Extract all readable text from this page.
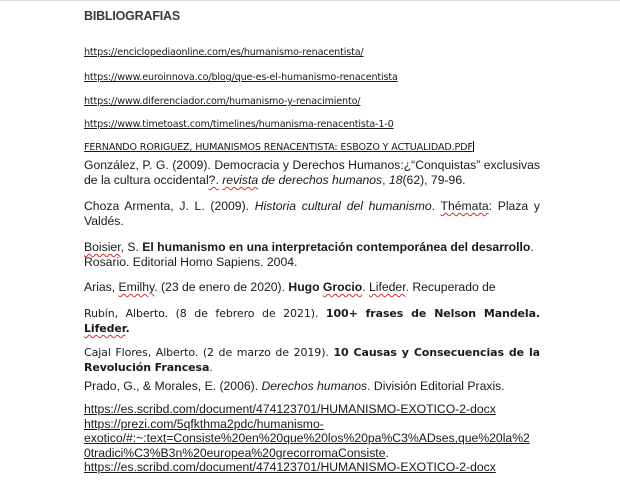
BIBLIOGRAFIAS
https://enciclopediaonline.com/es/humanismo-renacentista/
https://www.euroinnova.co/blog/que-es-el-humanismo-renacentista
https://www.diferenciador.com/humanismo-y-renacimiento/
https://www.timetoast.com/timelines/humanisma-renacentista-1-0
FERNANDO RORIGUEZ, HUMANISMOS RENACENTISTA: ESBOZO Y ACTUALIDAD.PDF
González, P. G. (2009). Democracia y Derechos Humanos:¿“Conquistas” exclusivas de la cultura occidental?. revista de derechos humanos, 18(62), 79-96.
Choza Armenta, J. L. (2009). Historia cultural del humanismo. Thémata: Plaza y Valdés.
Boisier, S. El humanismo en una interpretación contemporánea del desarrollo. Rosario. Editorial Homo Sapiens. 2004.
Arias, Emilhy. (23 de enero de 2020). Hugo Grocio. Lifeder. Recuperado de
Rubín, Alberto. (8 de febrero de 2021). 100+ frases de Nelson Mandela. Lifeder.
Cajal Flores, Alberto. (2 de marzo de 2019). 10 Causas y Consecuencias de la Revolución Francesa.
Prado, G., & Morales, E. (2006). Derechos humanos. División Editorial Praxis.
https://es.scribd.com/document/474123701/HUMANISMO-EXOTICO-2-docx
https://prezi.com/5qfkthma2pdc/humanismo-
exotico/#:~:text=Consiste%20en%20que%20los%20pa%C3%ADses,que%20la%2
0tradici%C3%B3n%20europea%20grecorromaConsiste.
https://es.scribd.com/document/474123701/HUMANISMO-EXOTICO-2-docx
